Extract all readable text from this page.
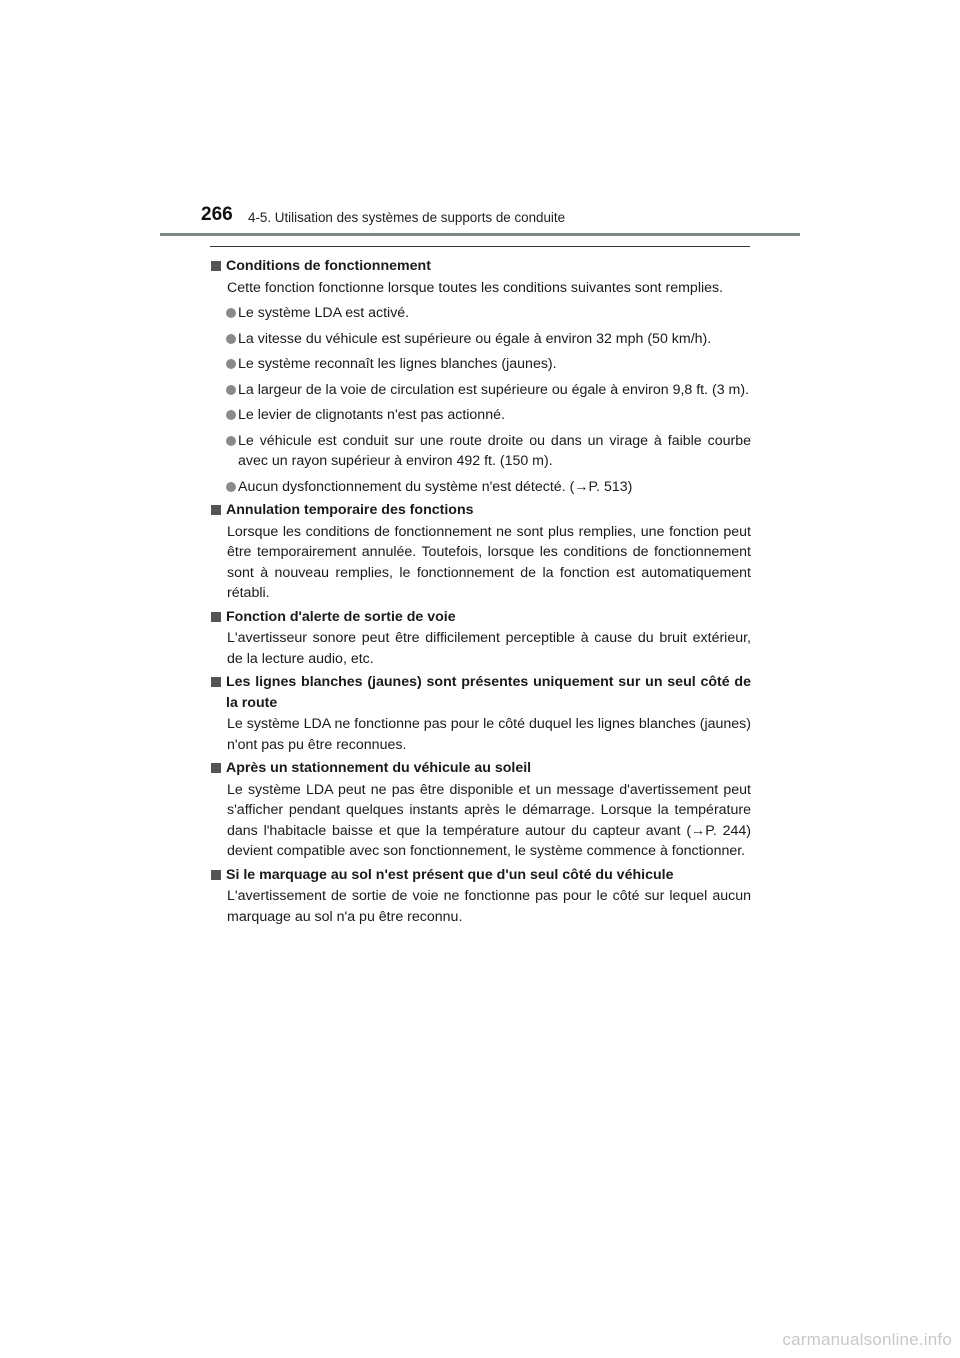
266 4-5. Utilisation des systèmes de supports de conduite
Conditions de fonctionnement
Cette fonction fonctionne lorsque toutes les conditions suivantes sont remplies.
Le système LDA est activé.
La vitesse du véhicule est supérieure ou égale à environ 32 mph (50 km/h).
Le système reconnaît les lignes blanches (jaunes).
La largeur de la voie de circulation est supérieure ou égale à environ 9,8 ft. (3 m).
Le levier de clignotants n'est pas actionné.
Le véhicule est conduit sur une route droite ou dans un virage à faible courbe avec un rayon supérieur à environ 492 ft. (150 m).
Aucun dysfonctionnement du système n'est détecté. (→P. 513)
Annulation temporaire des fonctions
Lorsque les conditions de fonctionnement ne sont plus remplies, une fonction peut être temporairement annulée. Toutefois, lorsque les conditions de fonctionnement sont à nouveau remplies, le fonctionnement de la fonction est automatiquement rétabli.
Fonction d'alerte de sortie de voie
L'avertisseur sonore peut être difficilement perceptible à cause du bruit extérieur, de la lecture audio, etc.
Les lignes blanches (jaunes) sont présentes uniquement sur un seul côté de la route
Le système LDA ne fonctionne pas pour le côté duquel les lignes blanches (jaunes) n'ont pas pu être reconnues.
Après un stationnement du véhicule au soleil
Le système LDA peut ne pas être disponible et un message d'avertissement peut s'afficher pendant quelques instants après le démarrage. Lorsque la température dans l'habitacle baisse et que la température autour du capteur avant (→P. 244) devient compatible avec son fonctionnement, le système commence à fonctionner.
Si le marquage au sol n'est présent que d'un seul côté du véhicule
L'avertissement de sortie de voie ne fonctionne pas pour le côté sur lequel aucun marquage au sol n'a pu être reconnu.
carmanualsonline.info
